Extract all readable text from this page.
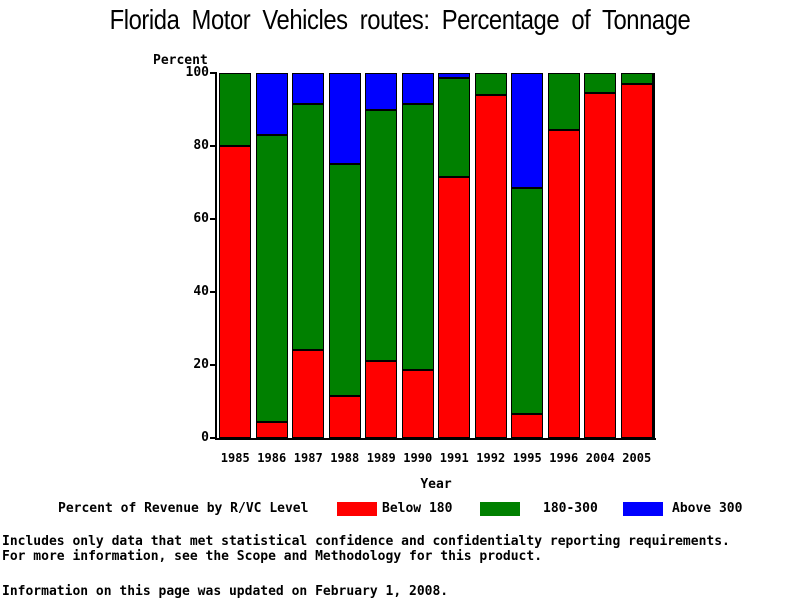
Florida Motor Vehicles routes: Percentage of Tonnage
Percent
0
20
40
60
80
100
1985 1986 1987 1988 1989 1990 1991 1992 1995 1996 2004 2005
Year
Percent of Revenue by R/VC Level	Below 180	180-300	Above 300
Includes only data that met statistical confidence and confidentialty reporting requirements.
For more information, see the Scope and Methodology for this product.
Information on this page was updated on February 1, 2008.
